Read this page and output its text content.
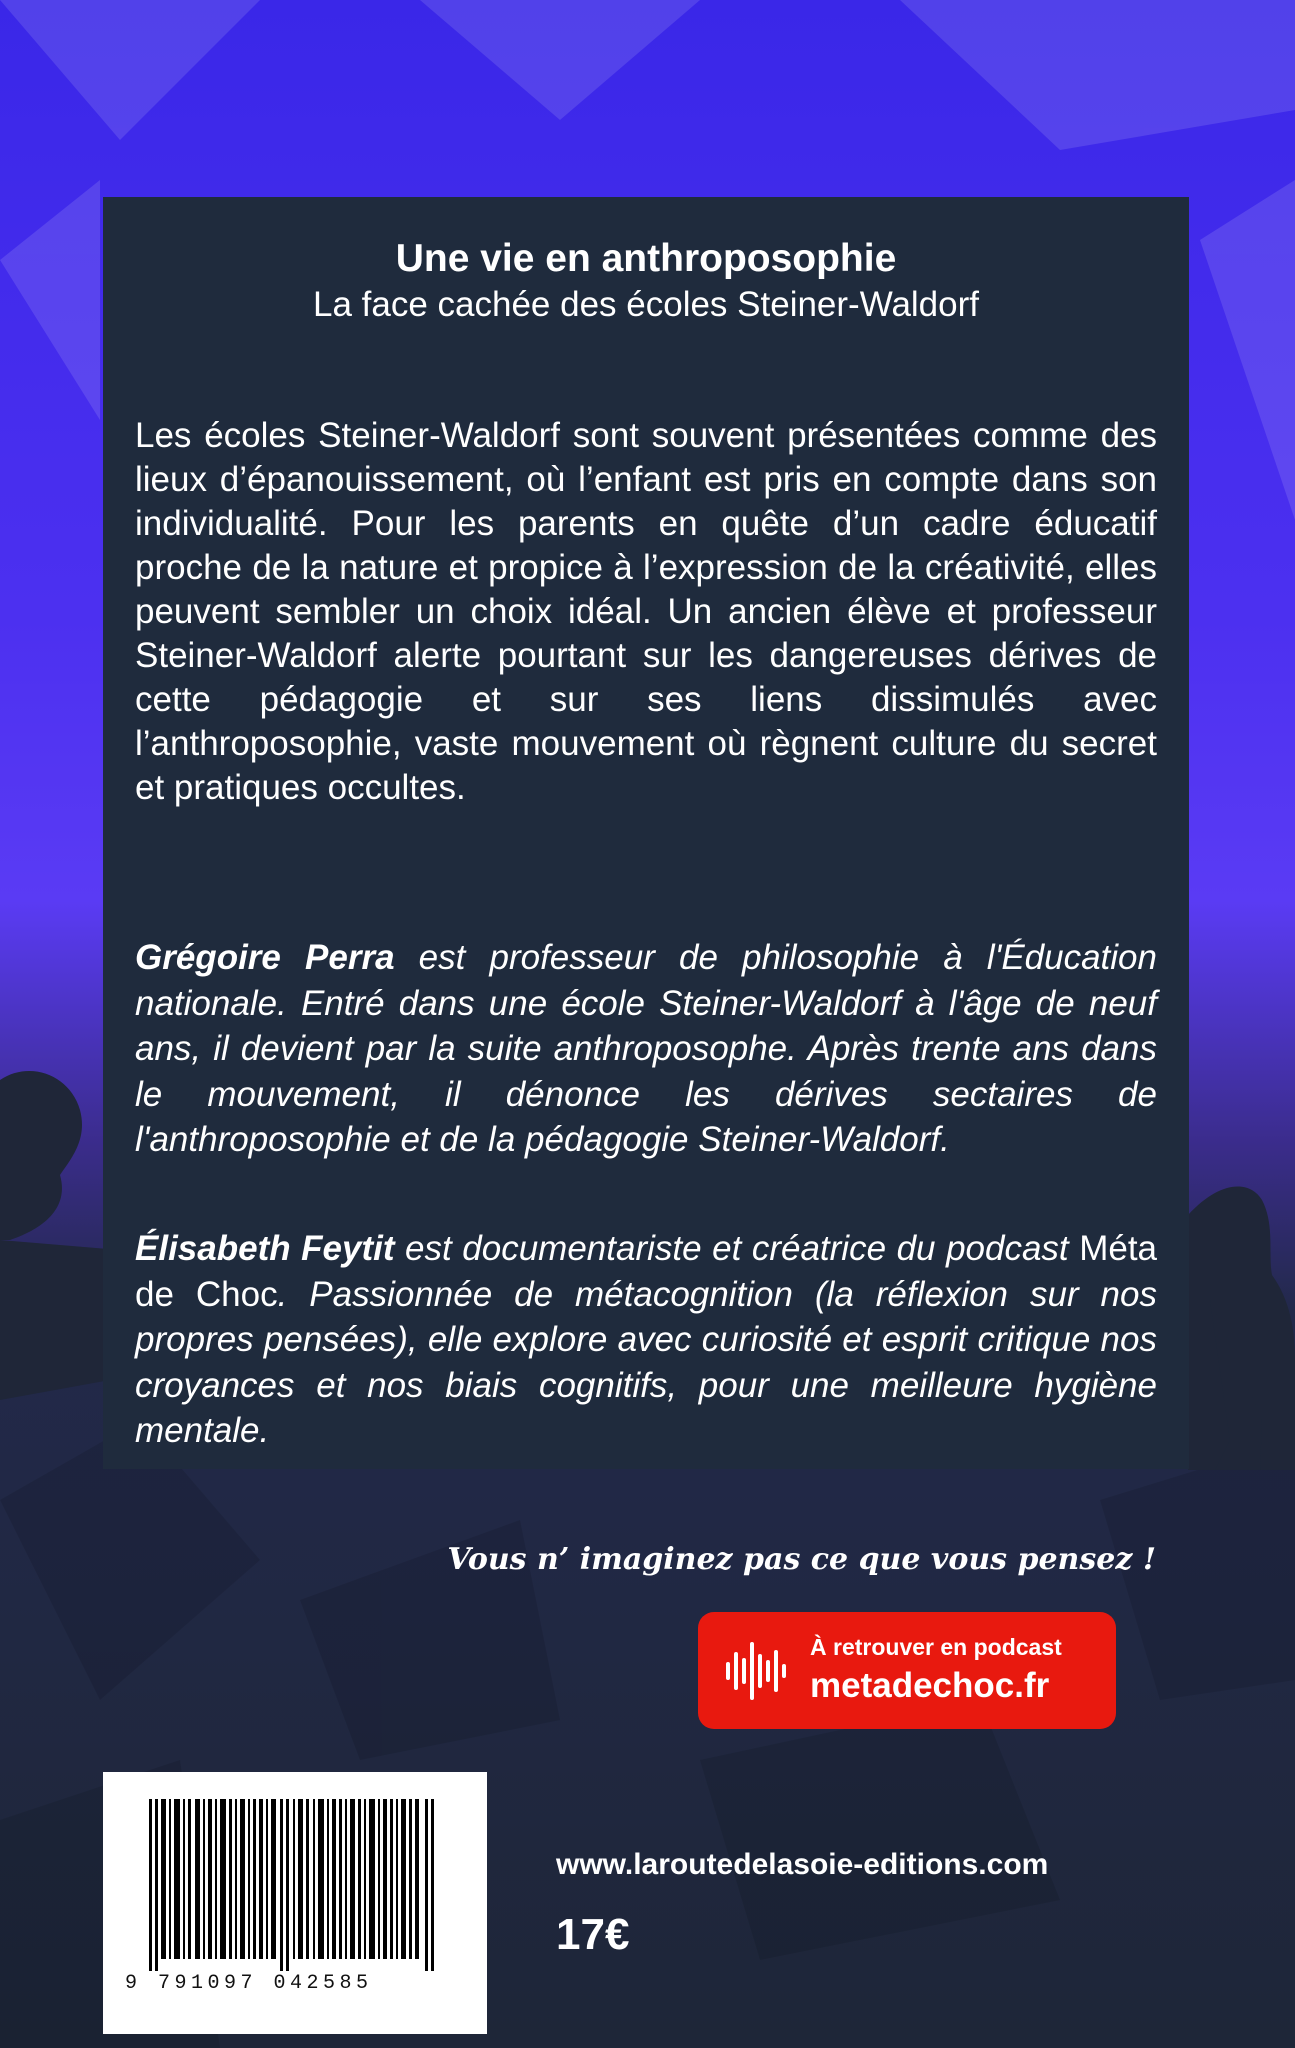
Une vie en anthroposophie
La face cachée des écoles Steiner-Waldorf

Les écoles Steiner-Waldorf sont souvent présentées comme des lieux d’épanouissement, où l’enfant est pris en compte dans son individualité. Pour les parents en quête d’un cadre éducatif proche de la nature et propice à l’expression de la créativité, elles peuvent sembler un choix idéal. Un ancien élève et professeur Steiner-Waldorf alerte pourtant sur les dangereuses dérives de cette pédagogie et sur ses liens dissimulés avec l’anthroposophie, vaste mouvement où règnent culture du secret et pratiques occultes.

Grégoire Perra est professeur de philosophie à l'Éducation nationale. Entré dans une école Steiner-Waldorf à l'âge de neuf ans, il devient par la suite anthroposophe. Après trente ans dans le mouvement, il dénonce les dérives sectaires de l'anthroposophie et de la pédagogie Steiner-Waldorf.

Élisabeth Feytit est documentariste et créatrice du podcast Méta de Choc. Passionnée de métacognition (la réflexion sur nos propres pensées), elle explore avec curiosité et esprit critique nos croyances et nos biais cognitifs, pour une meilleure hygiène mentale.

Vous n’ imaginez pas ce que vous pensez !
À retrouver en podcast
metadechoc.fr
9 791097 042585
www.laroutedelasoie-editions.com
17€
